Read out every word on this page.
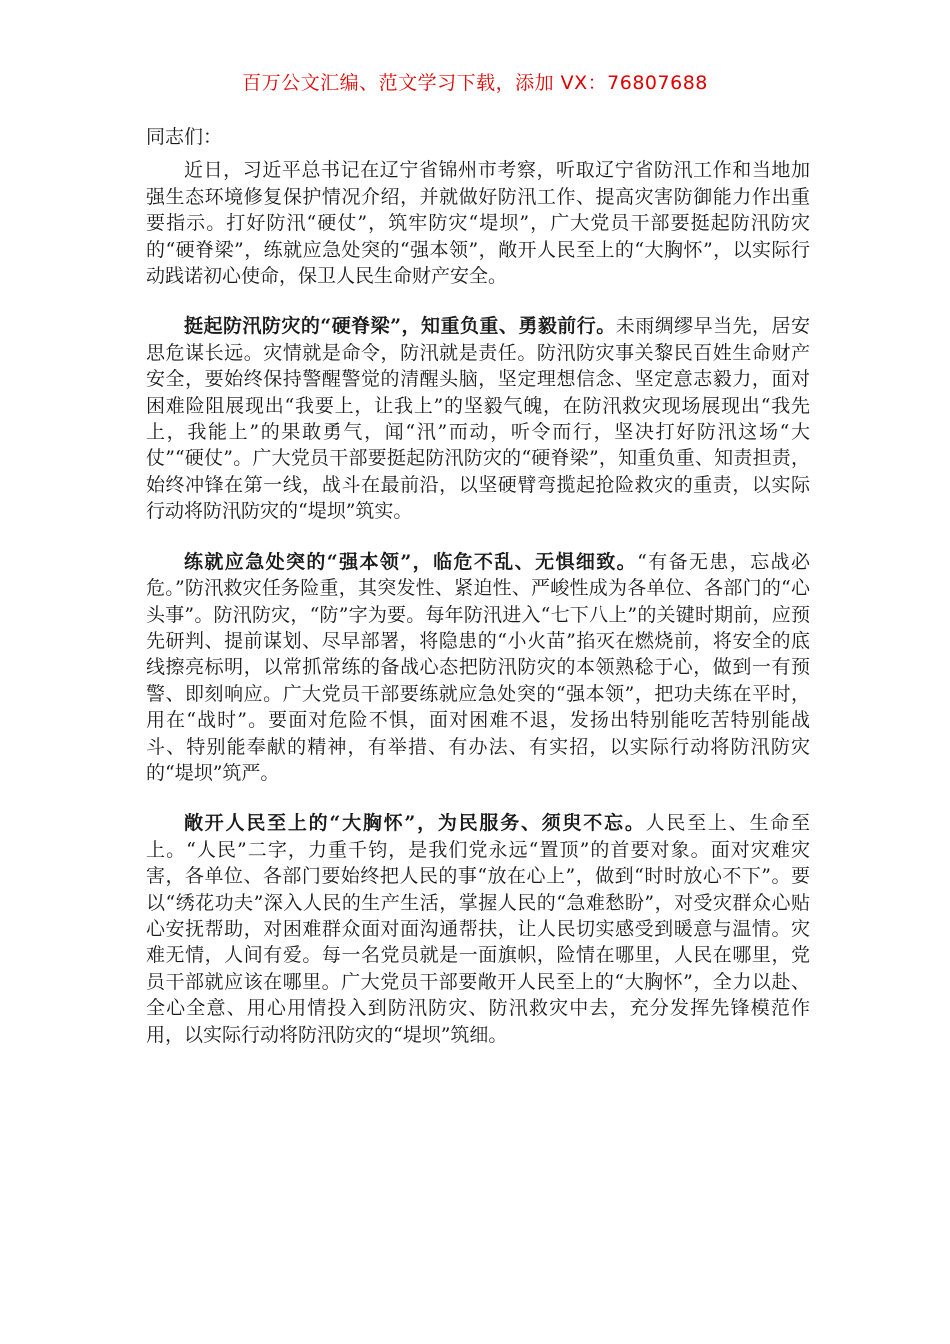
百万公文汇编、范文学习下载，添加 VX：76807688

同志们：

近日，习近平总书记在辽宁省锦州市考察，听取辽宁省防汛工作和当地加强生态环境修复保护情况介绍，并就做好防汛工作、提高灾害防御能力作出重要指示。打好防汛“硬仗”，筑牢防灾“堤坝”，广大党员干部要挺起防汛防灾的“硬脊梁”，练就应急处突的“强本领”，敞开人民至上的“大胸怀”，以实际行动践诺初心使命，保卫人民生命财产安全。

挺起防汛防灾的“硬脊梁”，知重负重、勇毅前行。未雨绸缪早当先，居安思危谋长远。灾情就是命令，防汛就是责任。防汛防灾事关黎民百姓生命财产安全，要始终保持警醒警觉的清醒头脑，坚定理想信念、坚定意志毅力，面对困难险阻展现出“我要上，让我上”的坚毅气魄，在防汛救灾现场展现出“我先上，我能上”的果敢勇气，闻“汛”而动，听令而行，坚决打好防汛这场“大仗”“硬仗”。广大党员干部要挺起防汛防灾的“硬脊梁”，知重负重、知责担责，始终冲锋在第一线，战斗在最前沿，以坚硬臂弯揽起抢险救灾的重责，以实际行动将防汛防灾的“堤坝”筑实。

练就应急处突的“强本领”，临危不乱、无惧细致。“有备无患，忘战必危。”防汛救灾任务险重，其突发性、紧迫性、严峻性成为各单位、各部门的“心头事”。防汛防灾，“防”字为要。每年防汛进入“七下八上”的关键时期前，应预先研判、提前谋划、尽早部署，将隐患的“小火苗”掐灭在燃烧前，将安全的底线擦亮标明，以常抓常练的备战心态把防汛防灾的本领熟稔于心，做到一有预警、即刻响应。广大党员干部要练就应急处突的“强本领”，把功夫练在平时，用在“战时”。要面对危险不惧，面对困难不退，发扬出特别能吃苦特别能战斗、特别能奉献的精神，有举措、有办法、有实招，以实际行动将防汛防灾的“堤坝”筑严。

敞开人民至上的“大胸怀”，为民服务、须臾不忘。人民至上、生命至上。“人民”二字，力重千钧，是我们党永远“置顶”的首要对象。面对灾难灾害，各单位、各部门要始终把人民的事“放在心上”，做到“时时放心不下”。要以“绣花功夫”深入人民的生产生活，掌握人民的“急难愁盼”，对受灾群众心贴心安抚帮助，对困难群众面对面沟通帮扶，让人民切实感受到暖意与温情。灾难无情，人间有爱。每一名党员就是一面旗帜，险情在哪里，人民在哪里，党员干部就应该在哪里。广大党员干部要敞开人民至上的“大胸怀”，全力以赴、全心全意、用心用情投入到防汛防灾、防汛救灾中去，充分发挥先锋模范作用，以实际行动将防汛防灾的“堤坝”筑细。
